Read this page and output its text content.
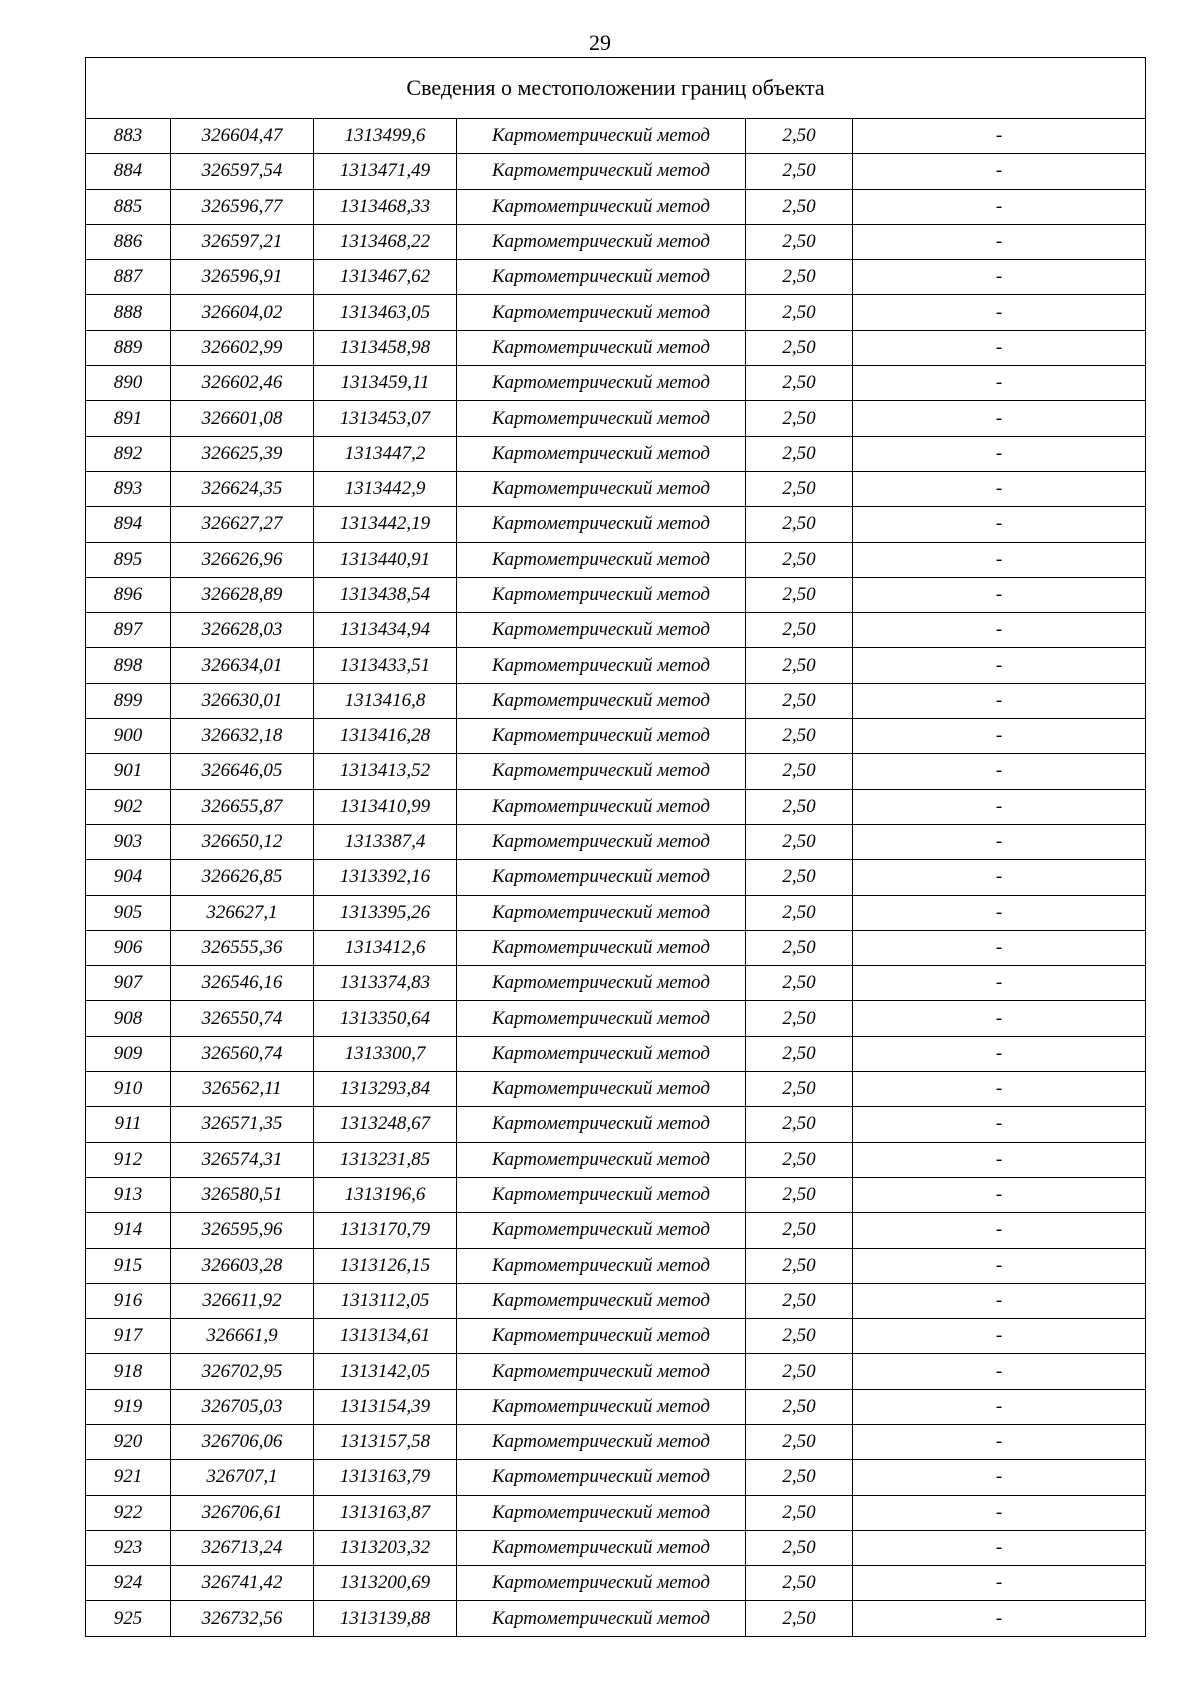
29
Сведения о местоположении границ объекта					
883	326604,47	1313499,6	Картометрический метод	2,50	-
884	326597,54	1313471,49	Картометрический метод	2,50	-
885	326596,77	1313468,33	Картометрический метод	2,50	-
886	326597,21	1313468,22	Картометрический метод	2,50	-
887	326596,91	1313467,62	Картометрический метод	2,50	-
888	326604,02	1313463,05	Картометрический метод	2,50	-
889	326602,99	1313458,98	Картометрический метод	2,50	-
890	326602,46	1313459,11	Картометрический метод	2,50	-
891	326601,08	1313453,07	Картометрический метод	2,50	-
892	326625,39	1313447,2	Картометрический метод	2,50	-
893	326624,35	1313442,9	Картометрический метод	2,50	-
894	326627,27	1313442,19	Картометрический метод	2,50	-
895	326626,96	1313440,91	Картометрический метод	2,50	-
896	326628,89	1313438,54	Картометрический метод	2,50	-
897	326628,03	1313434,94	Картометрический метод	2,50	-
898	326634,01	1313433,51	Картометрический метод	2,50	-
899	326630,01	1313416,8	Картометрический метод	2,50	-
900	326632,18	1313416,28	Картометрический метод	2,50	-
901	326646,05	1313413,52	Картометрический метод	2,50	-
902	326655,87	1313410,99	Картометрический метод	2,50	-
903	326650,12	1313387,4	Картометрический метод	2,50	-
904	326626,85	1313392,16	Картометрический метод	2,50	-
905	326627,1	1313395,26	Картометрический метод	2,50	-
906	326555,36	1313412,6	Картометрический метод	2,50	-
907	326546,16	1313374,83	Картометрический метод	2,50	-
908	326550,74	1313350,64	Картометрический метод	2,50	-
909	326560,74	1313300,7	Картометрический метод	2,50	-
910	326562,11	1313293,84	Картометрический метод	2,50	-
911	326571,35	1313248,67	Картометрический метод	2,50	-
912	326574,31	1313231,85	Картометрический метод	2,50	-
913	326580,51	1313196,6	Картометрический метод	2,50	-
914	326595,96	1313170,79	Картометрический метод	2,50	-
915	326603,28	1313126,15	Картометрический метод	2,50	-
916	326611,92	1313112,05	Картометрический метод	2,50	-
917	326661,9	1313134,61	Картометрический метод	2,50	-
918	326702,95	1313142,05	Картометрический метод	2,50	-
919	326705,03	1313154,39	Картометрический метод	2,50	-
920	326706,06	1313157,58	Картометрический метод	2,50	-
921	326707,1	1313163,79	Картометрический метод	2,50	-
922	326706,61	1313163,87	Картометрический метод	2,50	-
923	326713,24	1313203,32	Картометрический метод	2,50	-
924	326741,42	1313200,69	Картометрический метод	2,50	-
925	326732,56	1313139,88	Картометрический метод	2,50	-
